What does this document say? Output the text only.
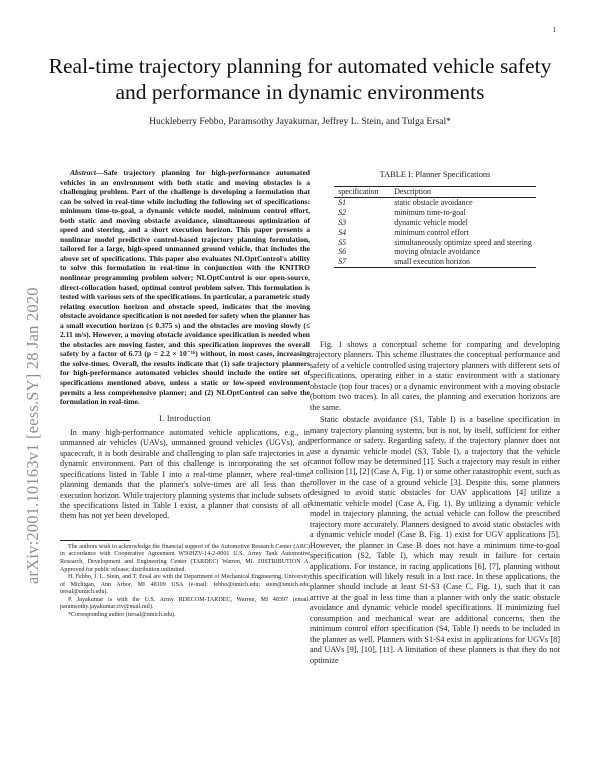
1
arXiv:2001.10163v1 [eess.SY] 28 Jan 2020
Real-time trajectory planning for automated vehicle safety and performance in dynamic environments
Huckleberry Febbo, Paramsothy Jayakumar, Jeffrey L. Stein, and Tulga Ersal*

Abstract—Safe trajectory planning for high-performance automated vehicles in an environment with both static and moving obstacles is a challenging problem. Part of the challenge is developing a formulation that can be solved in real-time while including the following set of specifications: minimum time-to-goal, a dynamic vehicle model, minimum control effort, both static and moving obstacle avoidance, simultaneous optimization of speed and steering, and a short execution horizon. This paper presents a nonlinear model predictive control-based trajectory planning formulation, tailored for a large, high-speed unmanned ground vehicle, that includes the above set of specifications. This paper also evaluates NLOptControl's ability to solve this formulation in real-time in conjunction with the KNITRO nonlinear programming problem solver; NLOptControl is our open-source, direct-collocation based, optimal control problem solver. This formulation is tested with various sets of the specifications. In particular, a parametric study relating execution horizon and obstacle speed, indicates that the moving obstacle avoidance specification is not needed for safety when the planner has a small execution horizon (≤ 0.375 s) and the obstacles are moving slowly (≤ 2.11 m/s). However, a moving obstacle avoidance specification is needed when the obstacles are moving faster, and this specification improves the overall safety by a factor of 6.73 (p = 2.2 × 10⁻¹⁶) without, in most cases, increasing the solve-times. Overall, the results indicate that (1) safe trajectory planners for high-performance automated vehicles should include the entire set of specifications mentioned above, unless a static or low-speed environment permits a less comprehensive planner; and (2) NLOptControl can solve the formulation in real-time.

I. Introduction

In many high-performance automated vehicle applications, e.g., in unmanned air vehicles (UAVs), unmanned ground vehicles (UGVs), and spacecraft, it is both desirable and challenging to plan safe trajectories in a dynamic environment. Part of this challenge is incorporating the set of specifications listed in Table I into a real-time planner, where real-time planning demands that the planner's solve-times are all less than the execution horizon. While trajectory planning systems that include subsets of the specifications listed in Table I exist, a planner that consists of all of them has not yet been developed.

The authors wish to acknowledge the financial support of the Automotive Research Center (ARC) in accordance with Cooperative Agreement W56HZV-14-2-0001 U.S. Army Tank Automotive Research, Development and Engineering Center (TARDEC) Warren, MI. DISTRIBUTION A. Approved for public release; distribution unlimited.

H. Febbo, J. L. Stein, and T. Ersal are with the Department of Mechanical Engineering, University of Michigan, Ann Arbor, MI 48109 USA (e-mail: febbo@umich.edu; stein@umich.edu; tersal@umich.edu).

P. Jayakumar is with the U.S. Army RDECOM-TARDEC, Warren, MI 48397 (email: paramsothy.jayakumar.civ@mail.mil).

*Corresponding author (tersal@umich.edu).

TABLE I: Planner Specifications
specification	Description
S1	static obstacle avoidance
S2	minimum time-to-goal
S3	dynamic vehicle model
S4	minimum control effort
S5	simultaneously optimize speed and steering
S6	moving obstacle avoidance
S7	small execution horizon

Fig. 1 shows a conceptual scheme for comparing and developing trajectory planners. This scheme illustrates the conceptual performance and safety of a vehicle controlled using trajectory planners with different sets of specifications, operating either in a static environment with a stationary obstacle (top four traces) or a dynamic environment with a moving obstacle (bottom two traces). In all cases, the planning and execution horizons are the same.

Static obstacle avoidance (S1, Table I) is a baseline specification in many trajectory planning systems, but is not, by itself, sufficient for either performance or safety. Regarding safety, if the trajectory planner does not use a dynamic vehicle model (S3, Table I), a trajectory that the vehicle cannot follow may be determined [1]. Such a trajectory may result in either a collision [1], [2] (Case A, Fig. 1) or some other catastrophic event, such as rollover in the case of a ground vehicle [3]. Despite this, some planners designed to avoid static obstacles for UAV applications [4] utilize a kinematic vehicle model (Case A, Fig. 1). By utilizing a dynamic vehicle model in trajectory planning, the actual vehicle can follow the prescribed trajectory more accurately. Planners designed to avoid static obstacles with a dynamic vehicle model (Case B, Fig. 1) exist for UGV applications [5]. However, the planner in Case B does not have a minimum time-to-goal specification (S2, Table I), which may result in failure for certain applications. For instance, in racing applications [6], [7], planning without this specification will likely result in a lost race. In these applications, the planner should include at least S1-S3 (Case C, Fig. 1), such that it can arrive at the goal in less time than a planner with only the static obstacle avoidance and dynamic vehicle model specifications. If minimizing fuel consumption and mechanical wear are additional concerns, then the minimum control effort specification (S4, Table I) needs to be included in the planner as well. Planners with S1-S4 exist in applications for UGVs [8] and UAVs [9], [10], [11]. A limitation of these planners is that they do not optimize
